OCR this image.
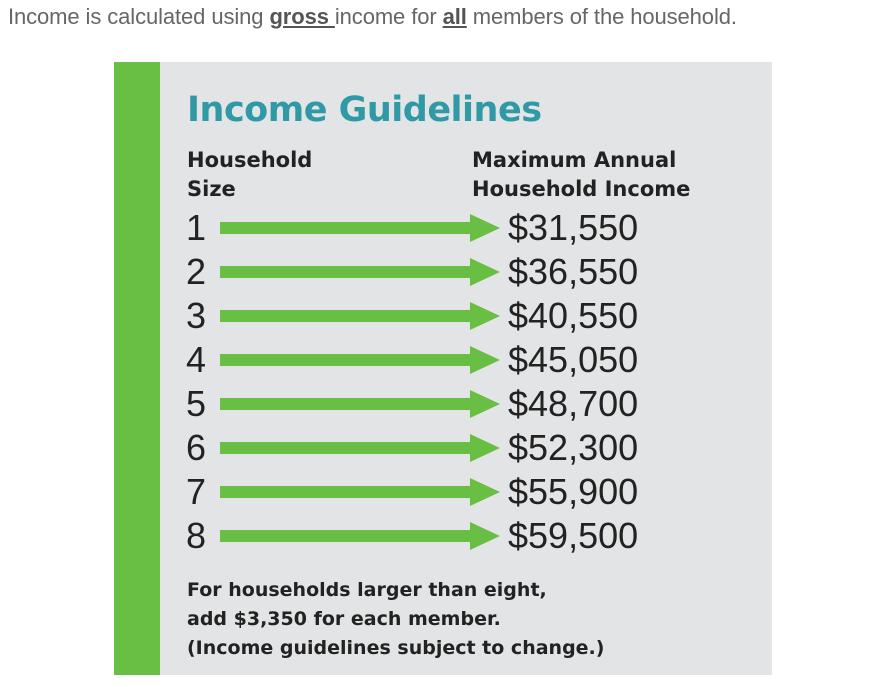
Income is calculated using gross income for all members of the household.
Income Guidelines
Household
Size
Maximum Annual
Household Income
1	$31,550
2	$36,550
3	$40,550
4	$45,050
5	$48,700
6	$52,300
7	$55,900
8	$59,500
For households larger than eight,
add $3,350 for each member.
(Income guidelines subject to change.)
